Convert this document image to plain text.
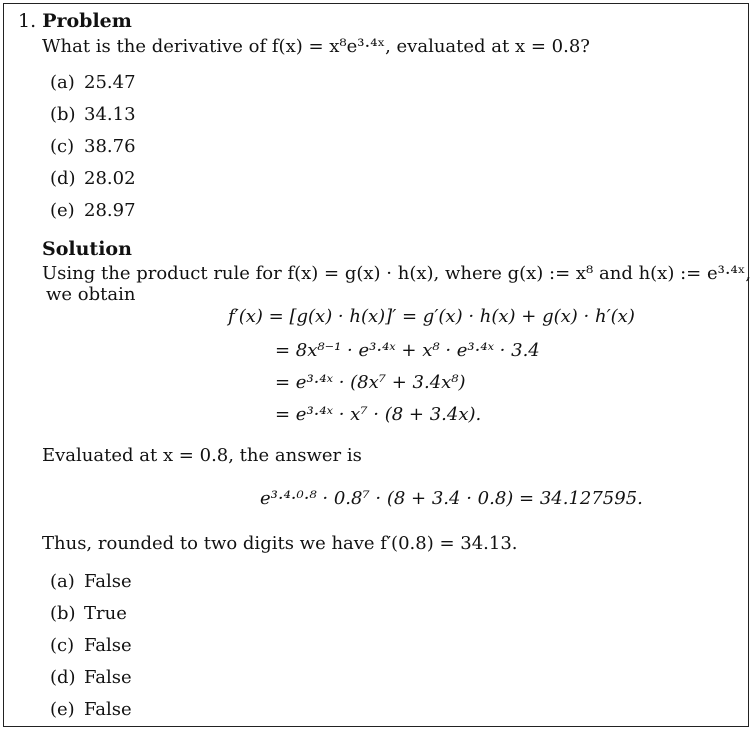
1. Problem
What is the derivative of f(x) = x⁸e³·⁴ˣ, evaluated at x = 0.8?
(a) 25.47
(b) 34.13
(c) 38.76
(d) 28.02
(e) 28.97
Solution
Using the product rule for f(x) = g(x) · h(x), where g(x) := x⁸ and h(x) := e³·⁴ˣ,
we obtain
f′(x) = [g(x) · h(x)]′ = g′(x) · h(x) + g(x) · h′(x)
= 8x⁸⁻¹ · e³·⁴ˣ + x⁸ · e³·⁴ˣ · 3.4
= e³·⁴ˣ · (8x⁷ + 3.4x⁸)
= e³·⁴ˣ · x⁷ · (8 + 3.4x).
Evaluated at x = 0.8, the answer is
e³·⁴·⁰·⁸ · 0.8⁷ · (8 + 3.4 · 0.8) = 34.127595.
Thus, rounded to two digits we have f′(0.8) = 34.13.
(a) False
(b) True
(c) False
(d) False
(e) False
